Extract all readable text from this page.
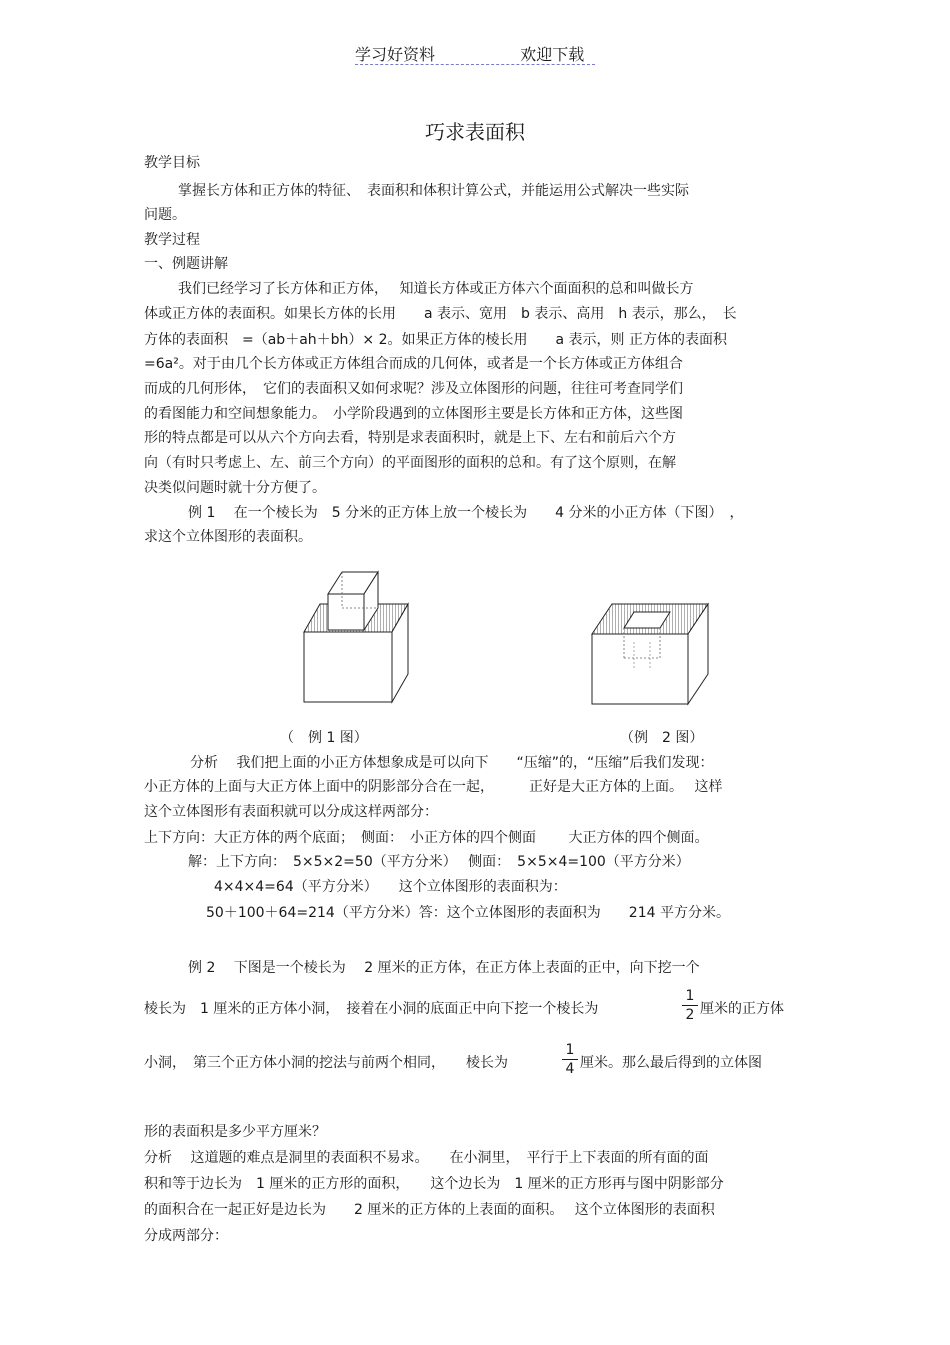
学习好资料	欢迎下载
巧求表面积
教学目标
掌握长方体和正方体的特征、　表面积和体积计算公式，并能运用公式解决一些实际
问题。
教学过程
一、例题讲解
我们已经学习了长方体和正方体，　 知道长方体或正方体六个面面积的总和叫做长方
体或正方体的表面积。如果长方体的长用　　a 表示、宽用　b 表示、高用　h 表示，那么，　长
方体的表面积　=（ab＋ah＋bh）× 2。如果正方体的棱长用　　a 表示，则 正方体的表面积
=6a²。对于由几个长方体或正方体组合而成的几何体，或者是一个长方体或正方体组合
而成的几何形体，　它们的表面积又如何求呢？涉及立体图形的问题，往往可考查同学们
的看图能力和空间想象能力。　小学阶段遇到的立体图形主要是长方体和正方体，这些图
形的特点都是可以从六个方向去看，特别是求表面积时，就是上下、左右和前后六个方
向（有时只考虑上、左、前三个方向）的平面图形的面积的总和。有了这个原则，在解
决类似问题时就十分方便了。
例 1　 在一个棱长为　5 分米的正方体上放一个棱长为　　4 分米的小正方体（下图）　，
求这个立体图形的表面积。
（　例 1 图）	（例　2 图）
分析　 我们把上面的小正方体想象成是可以向下　　“压缩”的，“压缩”后我们发现：
小正方体的上面与大正方体上面中的阴影部分合在一起，　　　正好是大正方体的上面。　 这样
这个立体图形有表面积就可以分成这样两部分：
上下方向：大正方体的两个底面；　侧面：　小正方体的四个侧面　　 大正方体的四个侧面。
解：上下方向：　5×5×2=50（平方分米）　 侧面：　5×5×4=100（平方分米）
4×4×4=64（平方分米）　　这个立体图形的表面积为：
50＋100＋64=214（平方分米）答：这个立体图形的表面积为　　214 平方分米。
例 2　 下图是一个棱长为　 2 厘米的正方体，在正方体上表面的正中，向下挖一个
棱长为　1 厘米的正方体小洞，　接着在小洞的底面正中向下挖一个棱长为
1
2 厘米的正方体
小洞，　第三个正方体小洞的挖法与前两个相同，　　棱长为
1
4 厘米。那么最后得到的立体图
形的表面积是多少平方厘米？
分析　 这道题的难点是洞里的表面积不易求。　　在小洞里，　平行于上下表面的所有面的面
积和等于边长为　1 厘米的正方形的面积，　　这个边长为　1 厘米的正方形再与图中阴影部分
的面积合在一起正好是边长为　　2 厘米的正方体的上表面的面积。　 这个立体图形的表面积
分成两部分：
